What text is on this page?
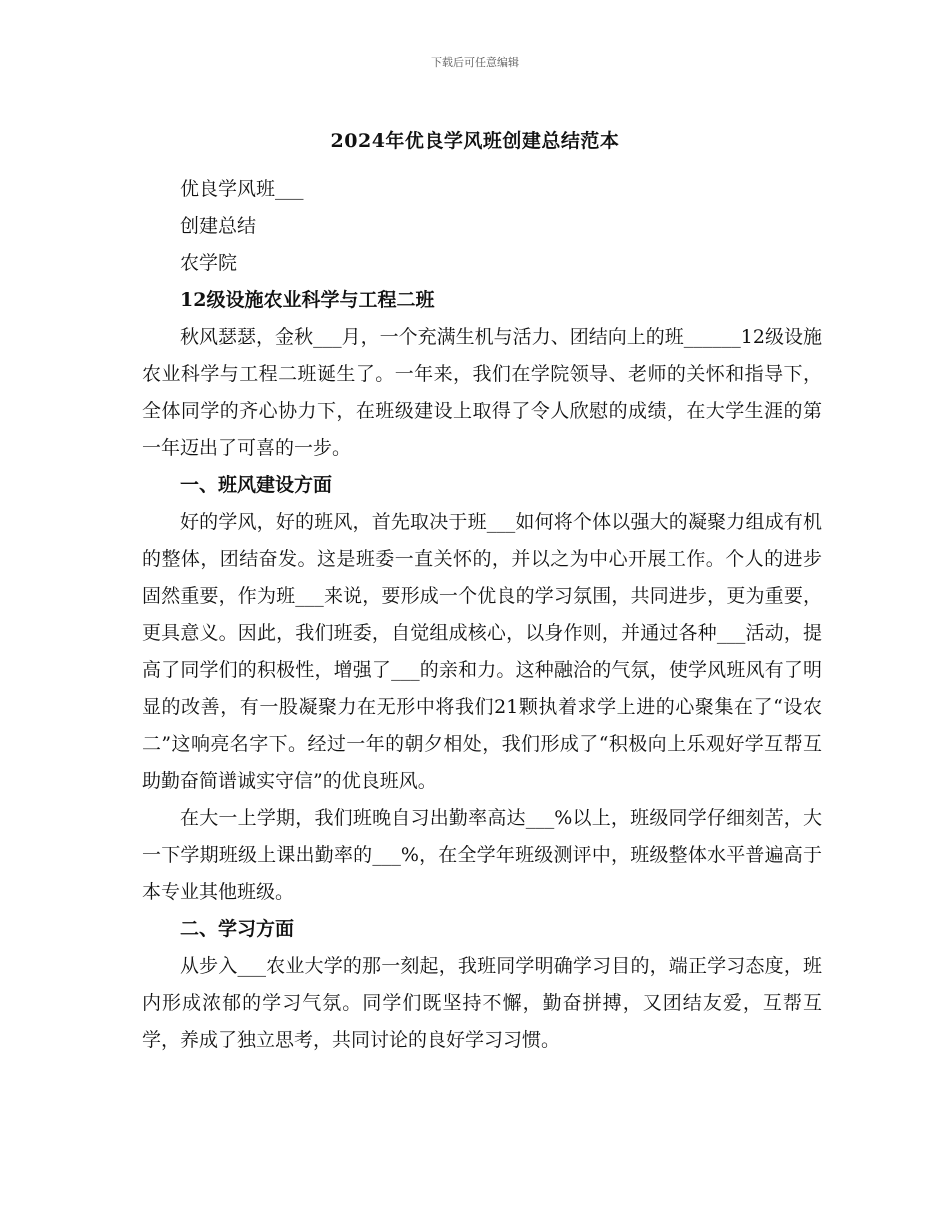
下载后可任意编辑
2024年优良学风班创建总结范本

优良学风班___

创建总结

农学院

12级设施农业科学与工程二班

秋风瑟瑟，金秋___月，一个充满生机与活力、团结向上的班______12级设施农业科学与工程二班诞生了。一年来，我们在学院领导、老师的关怀和指导下，全体同学的齐心协力下，在班级建设上取得了令人欣慰的成绩，在大学生涯的第一年迈出了可喜的一步。

一、班风建设方面

好的学风，好的班风，首先取决于班___如何将个体以强大的凝聚力组成有机的整体，团结奋发。这是班委一直关怀的，并以之为中心开展工作。个人的进步固然重要，作为班___来说，要形成一个优良的学习氛围，共同进步，更为重要，更具意义。因此，我们班委，自觉组成核心，以身作则，并通过各种___活动，提高了同学们的积极性，增强了___的亲和力。这种融洽的气氛，使学风班风有了明显的改善，有一股凝聚力在无形中将我们21颗执着求学上进的心聚集在了“设农二”这响亮名字下。经过一年的朝夕相处，我们形成了“积极向上乐观好学互帮互助勤奋简谱诚实守信”的优良班风。

在大一上学期，我们班晚自习出勤率高达___%以上，班级同学仔细刻苦，大一下学期班级上课出勤率的___%，在全学年班级测评中，班级整体水平普遍高于本专业其他班级。

二、学习方面

从步入___农业大学的那一刻起，我班同学明确学习目的，端正学习态度，班内形成浓郁的学习气氛。同学们既坚持不懈，勤奋拼搏，又团结友爱，互帮互学，养成了独立思考，共同讨论的良好学习习惯。
